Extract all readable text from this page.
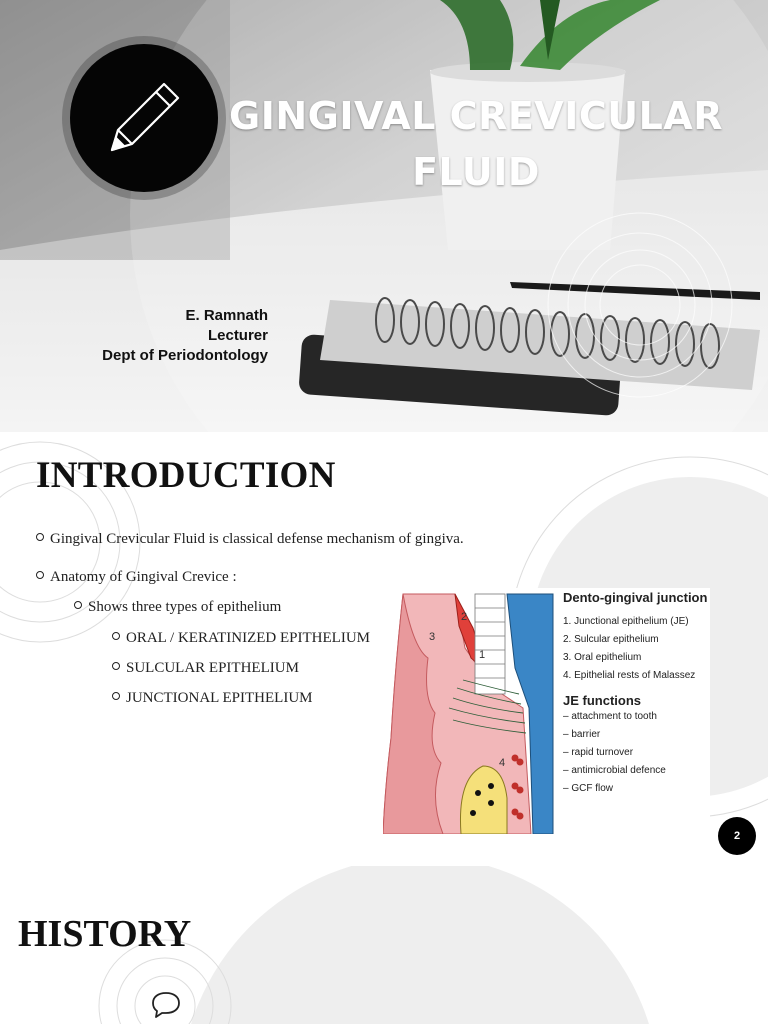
GINGIVAL CREVICULAR
FLUID
E. Ramnath
Lecturer
Dept of Periodontology
INTRODUCTION
Gingival Crevicular Fluid is classical defense mechanism of gingiva.
Anatomy of Gingival Crevice :
Shows three types of epithelium
ORAL / KERATINIZED EPITHELIUM
SULCULAR EPITHELIUM
JUNCTIONAL EPITHELIUM
3
2
1
4
Dento-gingival junction
1. Junctional epithelium (JE)
2. Sulcular epithelium
3. Oral epithelium
4. Epithelial rests of Malassez
JE functions
– attachment to tooth
– barrier
– rapid turnover
– antimicrobial defence
– GCF flow
2
HISTORY
